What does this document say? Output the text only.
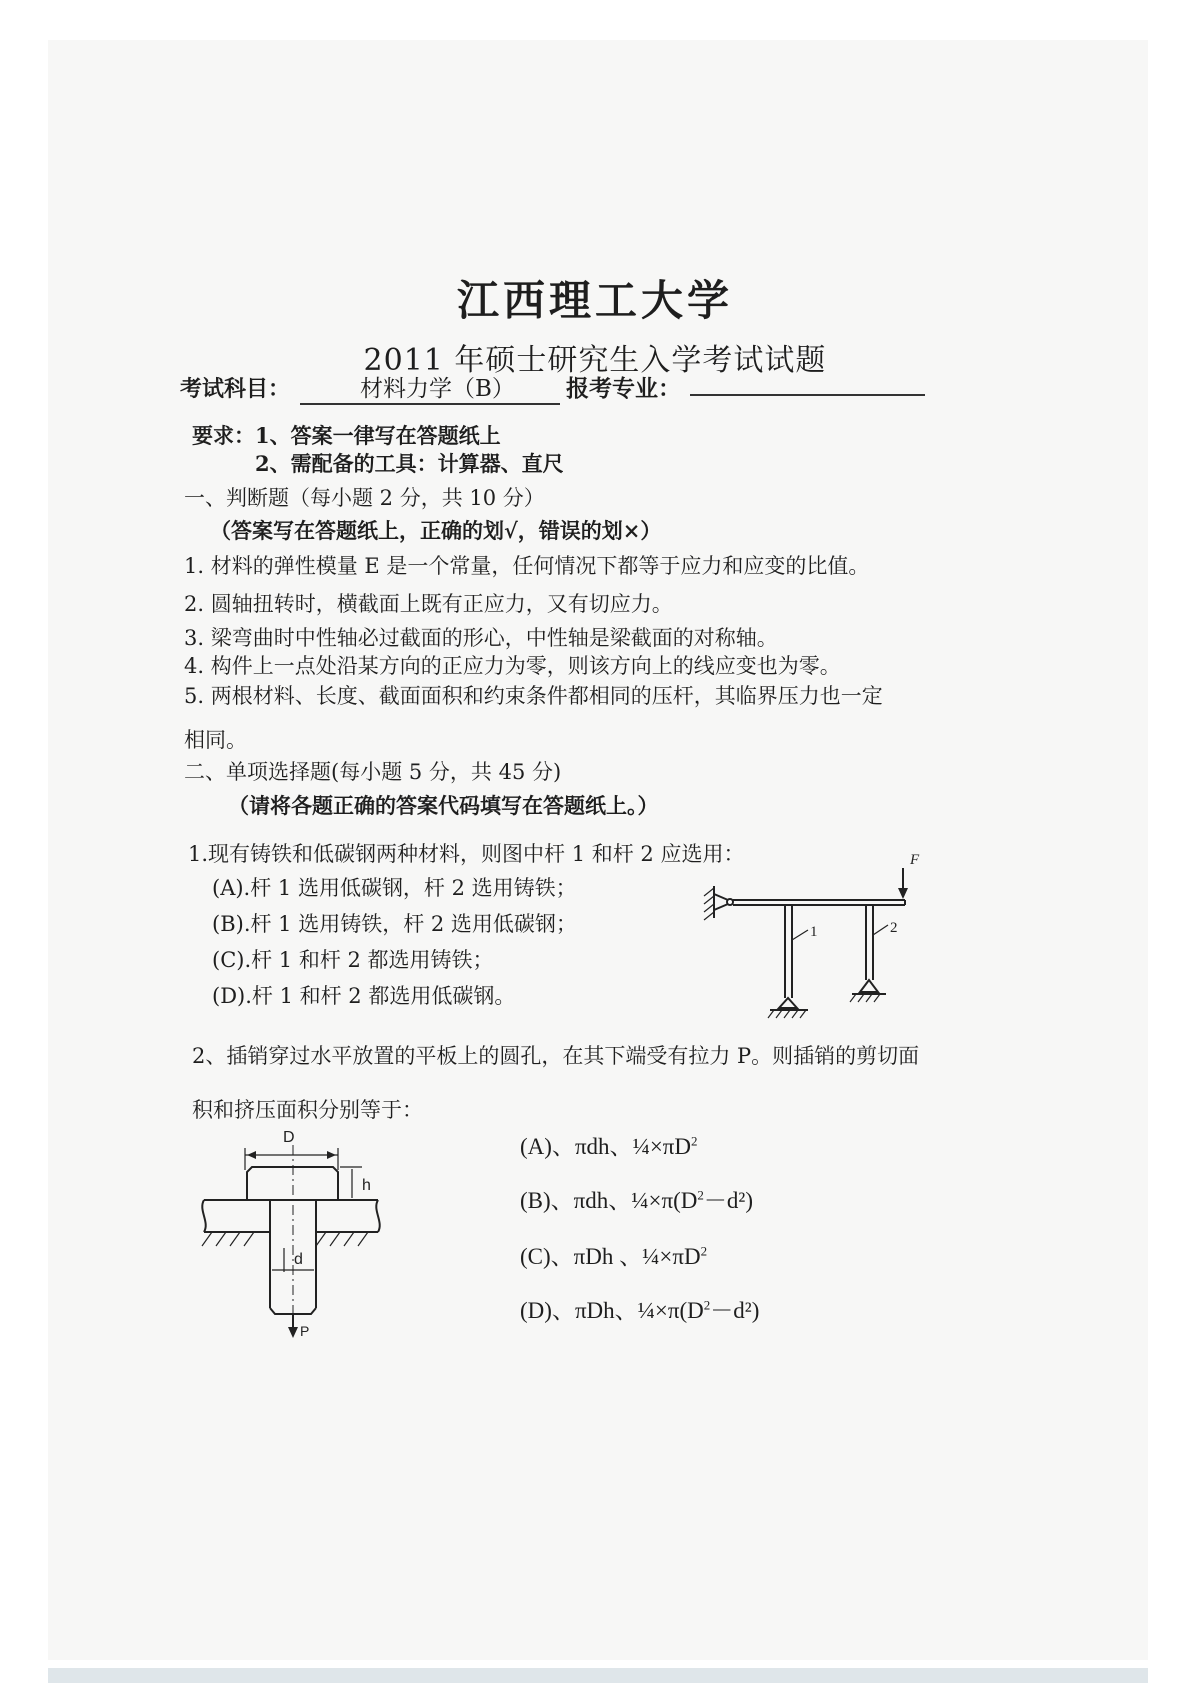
江西理工大学
2011 年硕士研究生入学考试试题
考试科目：	材料力学（B）	报考专业：
要求： 1、答案一律写在答题纸上
2、需配备的工具：计算器、直尺
一、判断题（每小题 2 分，共 10 分）
（答案写在答题纸上，正确的划√，错误的划×）
1. 材料的弹性模量 E 是一个常量，任何情况下都等于应力和应变的比值。
2. 圆轴扭转时，横截面上既有正应力，又有切应力。
3. 梁弯曲时中性轴必过截面的形心，中性轴是梁截面的对称轴。
4. 构件上一点处沿某方向的正应力为零，则该方向上的线应变也为零。
5. 两根材料、长度、截面面积和约束条件都相同的压杆，其临界压力也一定
相同。
二、单项选择题(每小题 5 分，共 45 分)
（请将各题正确的答案代码填写在答题纸上。）
1.现有铸铁和低碳钢两种材料，则图中杆 1 和杆 2 应选用：
(A).杆 1 选用低碳钢，杆 2 选用铸铁；
(B).杆 1 选用铸铁，杆 2 选用低碳钢；
(C).杆 1 和杆 2 都选用铸铁；
(D).杆 1 和杆 2 都选用低碳钢。
F
1	2
2、插销穿过水平放置的平板上的圆孔，在其下端受有拉力 P。则插销的剪切面
积和挤压面积分别等于：
D
h
d
P
(A)、πdh、$\frac{1}{4}\times\pi D^2$
(B)、πdh、$\frac{1}{4}\times\pi(D^2-d^2)$
(C)、πDh 、$\frac{1}{4}\times\pi D^2$
(D)、πDh、$\frac{1}{4}\times\pi(D^2-d^2)$
